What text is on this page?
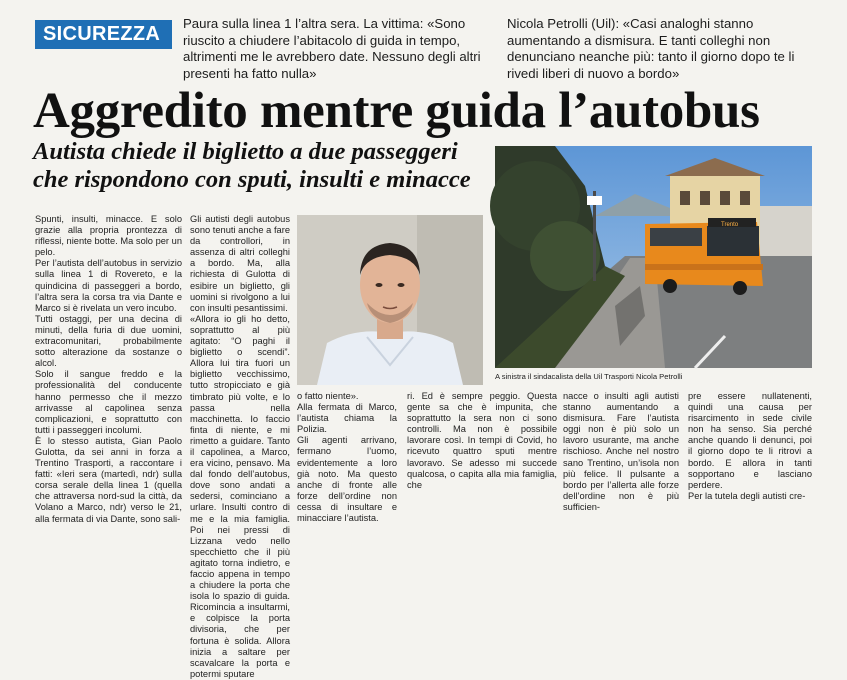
SICUREZZA	Paura sulla linea 1 l’altra sera. La vittima: «Sono riuscito a chiudere l’abitacolo di guida in tempo, altrimenti me le avrebbero date. Nessuno degli altri presenti ha fatto nulla»
Nicola Petrolli (Uil): «Casi analoghi stanno aumentando a dismisura. E tanti colleghi non denunciano neanche più: tanto il giorno dopo te li rivedi liberi di nuovo a bordo»
Aggredito mentre guida l’autobus
Autista chiede il biglietto a due passeggeri
che rispondono con sputi, insulti e minacce

Spunti, insulti, minacce. E solo grazie alla propria prontezza di riflessi, niente botte. Ma solo per un pelo.

Per l’autista dell’autobus in servizio sulla linea 1 di Rovereto, e la quindicina di passeggeri a bordo, l’altra sera la corsa tra via Dante e Marco si è rivelata un vero incubo.

Tutti ostaggi, per una decina di minuti, della furia di due uomini, extracomunitari, probabilmente sotto alterazione da sostanze o alcol.

Solo il sangue freddo e la professionalità del conducente hanno permesso che il mezzo arrivasse al capolinea senza complicazioni, e soprattutto con tutti i passeggeri incolumi.

È lo stesso autista, Gian Paolo Gulotta, da sei anni in forza a Trentino Trasporti, a raccontare i fatti: «Ieri sera (martedì, ndr) sulla corsa serale della linea 1 (quella che attraversa nord-sud la città, da Volano a Marco, ndr) verso le 21, alla fermata di via Dante, sono sali-

Gli autisti degli autobus sono tenuti anche a fare da controllori, in assenza di altri colleghi a bordo. Ma, alla richiesta di Gulotta di esibire un biglietto, gli uomini si rivolgono a lui con insulti pesantissimi.

«Allora io gli ho detto, soprattutto al più agitato: “O paghi il biglietto o scendi”. Allora lui tira fuori un biglietto vecchissimo, tutto stropicciato e già timbrato più volte, e lo passa nella macchinetta. Io faccio finta di niente, e mi rimetto a guidare. Tanto il capolinea, a Marco, era vicino, pensavo. Ma dal fondo dell’autobus, dove sono andati a sedersi, cominciano a urlare. Insulti contro di me e la mia famiglia. Poi nei pressi di Lizzana vedo nello specchietto che il più agitato torna indietro, e faccio appena in tempo a chiudere la porta che isola lo spazio di guida. Ricomincia a insultarmi, e colpisce la porta divisoria, che per fortuna è solida. Allora inizia a saltare per scavalcare la porta e potermi sputare

o fatto niente».

Alla fermata di Marco, l’autista chiama la Polizia.

Gli agenti arrivano, fermano l’uomo, evidentemente a loro già noto. Ma questo anche di fronte alle forze dell’ordine non cessa di insultare e minacciare l’autista.

Trento
A sinistra il sindacalista della Uil Trasporti Nicola Petrolli

ri. Ed è sempre peggio. Questa gente sa che è impunita, che soprattutto la sera non ci sono controlli. Ma non è possibile lavorare così. In tempi di Covid, ho ricevuto quattro sputi mentre lavoravo. Se adesso mi succede qualcosa, o capita alla mia famiglia, che

nacce o insulti agli autisti stanno aumentando a dismisura. Fare l’autista oggi non è più solo un lavoro usurante, ma anche rischioso. Anche nel nostro sano Trentino, un’isola non più felice. Il pulsante a bordo per l’allerta alle forze dell’ordine non è più sufficien-

pre essere nullatenenti, quindi una causa per risarcimento in sede civile non ha senso. Sia perché anche quando li denunci, poi il giorno dopo te li ritrovi a bordo. E allora in tanti sopportano e lasciano perdere.

Per la tutela degli autisti cre-
